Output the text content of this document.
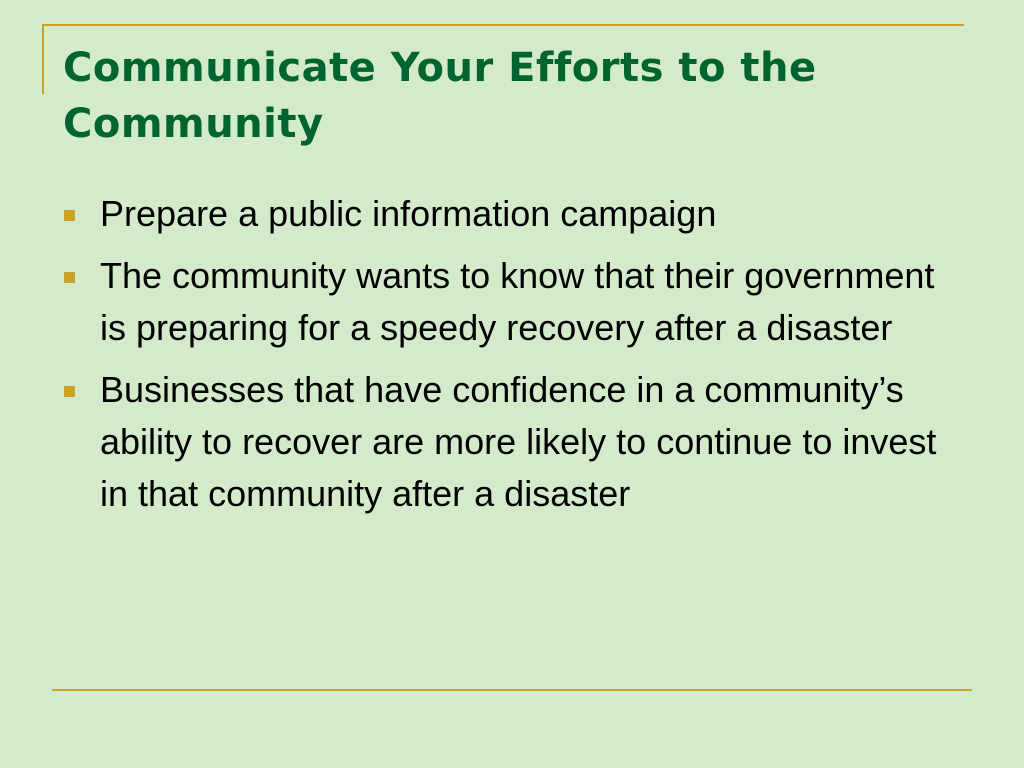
Communicate Your Efforts to the Community
Prepare a public information campaign
The community wants to know that their government is preparing for a speedy recovery after a disaster
Businesses that have confidence in a community’s ability to recover are more likely to continue to invest in that community after a disaster
